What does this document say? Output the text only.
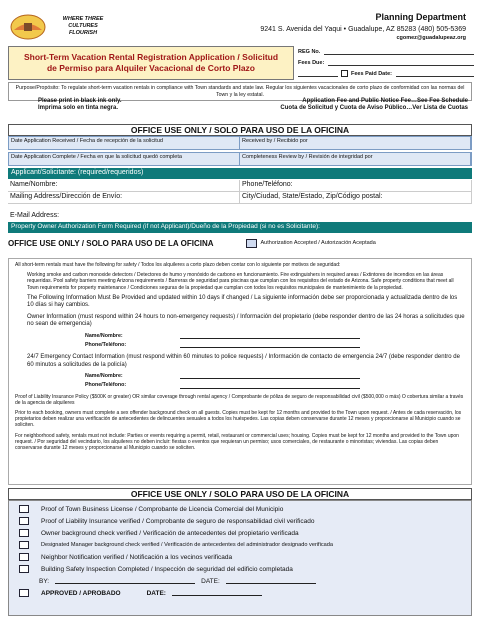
WHERE THREE CULTURES FLOURISH
Planning Department
9241 S. Avenida del Yaqui • Guadalupe, AZ 85283 (480) 505-5369
cgomez@guadalupeaz.org
Short-Term Vacation Rental Registration Application / Solicitud
de Permiso para Alquiler Vacacional de Corto Plazo
REG No.
Fees Due:
Fees Paid Date:
Purpose/Propósito: To regulate short-term vacation rentals in compliance with Town standards and state law. Regular los siguientes vacacionales de corto plazo de conformidad con las normas del Town y la ley estatal.
Please print in black ink only.
Imprima solo en tinta negra.
Application Fee and Public Notice Fee…See Fee Schedule
Cuota de Solicitud y Cuota de Aviso Público…Ver Lista de Cuotas
OFFICE USE ONLY / SOLO PARA USO DE LA OFICINA
Date Application Received / Fecha de recepción de la solicitud	Received by / Recibido por
Date Application Complete / Fecha en que la solicitud quedó completa	Completeness Review by / Revisión de integridad por
Applicant/Solicitante: (required/requeridos)
Name/Nombre:	Phone/Teléfono:
Mailing Address/Dirección de Envío:	City/Ciudad, State/Estado, Zip/Código postal:
E-Mail Address:
Property Owner Authorization Form Required (if not Applicant)/Dueño de la Propiedad (si no es Solicitante):
OFFICE USE ONLY / SOLO PARA USO DE LA OFICINA	Authorization Accepted / Autorización Aceptada

All short-term rentals must have the following for safety / Todos los alquileres a corto plazo deben contar con lo siguiente por motivos de seguridad:

Working smoke and carbon monoxide detectors / Detectores de humo y monóxido de carbono en funcionamiento. Fire extinguishers in required areas / Extintores de incendios en las áreas requeridas. Pool safety barriers meeting Arizona requirements / Barreras de seguridad para piscinas que cumplan con los requisitos del estado de Arizona. Safe property conditions that meet all Town requirements for property maintenance / Condiciones seguras de la propiedad que cumplan con todos los requisitos municipales de mantenimiento de la propiedad.

The Following Information Must Be Provided and updated within 10 days if changed / La siguiente información debe ser proporcionada y actualizada dentro de los 10 días si hay cambios.

Owner Information (must respond within 24 hours to non-emergency requests) / Información del propietario (debe responder dentro de las 24 horas a solicitudes que no sean de emergencia)

Name/Nombre:
Phone/Teléfono:

24/7 Emergency Contact Information (must respond within 60 minutes to police requests) / Información de contacto de emergencia 24/7 (debe responder dentro de 60 minutos a solicitudes de la policía)

Name/Nombre:
Phone/Teléfono:

Proof of Liability Insurance Policy ($500K or greater) OR similar coverage through rental agency / Comprobante de póliza de seguro de responsabilidad civil ($500,000 o más) O cobertura similar a través de la agencia de alquileres

Prior to each booking, owners must complete a sex offender background check on all guests. Copies must be kept for 12 months and provided to the Town upon request. / Antes de cada reservación, los propietarios deben realizar una verificación de antecedentes de delincuentes sexuales a todos los huéspedes. Las copias deben conservarse durante 12 meses y proporcionarse al Municipio cuando se soliciten.

For neighborhood safety, rentals must not include: Parties or events requiring a permit, retail, restaurant or commercial uses; housing. Copies must be kept for 12 months and provided to the Town upon request. / Por seguridad del vecindario, los alquileres no deben incluir: fiestas o eventos que requieran un permiso; usos comerciales, de restaurante o minoristas; viviendas. Las copias deben conservarse durante 12 meses y proporcionarse al Municipio cuando se soliciten.

OFFICE USE ONLY / SOLO PARA USO DE LA OFICINA
Proof of Town Business License / Comprobante de Licencia Comercial del Municipio
Proof of Liability Insurance verified / Comprobante de seguro de responsabilidad civil verificado
Owner background check verified / Verificación de antecedentes del propietario verificada
Designated Manager background check verified / Verificación de antecedentes del administrador designado verificada
Neighbor Notification verified / Notificación a los vecinos verificada
Building Safety Inspection Completed / Inspección de seguridad del edificio completada
BY:	DATE:
APPROVED / APROBADO	DATE:
